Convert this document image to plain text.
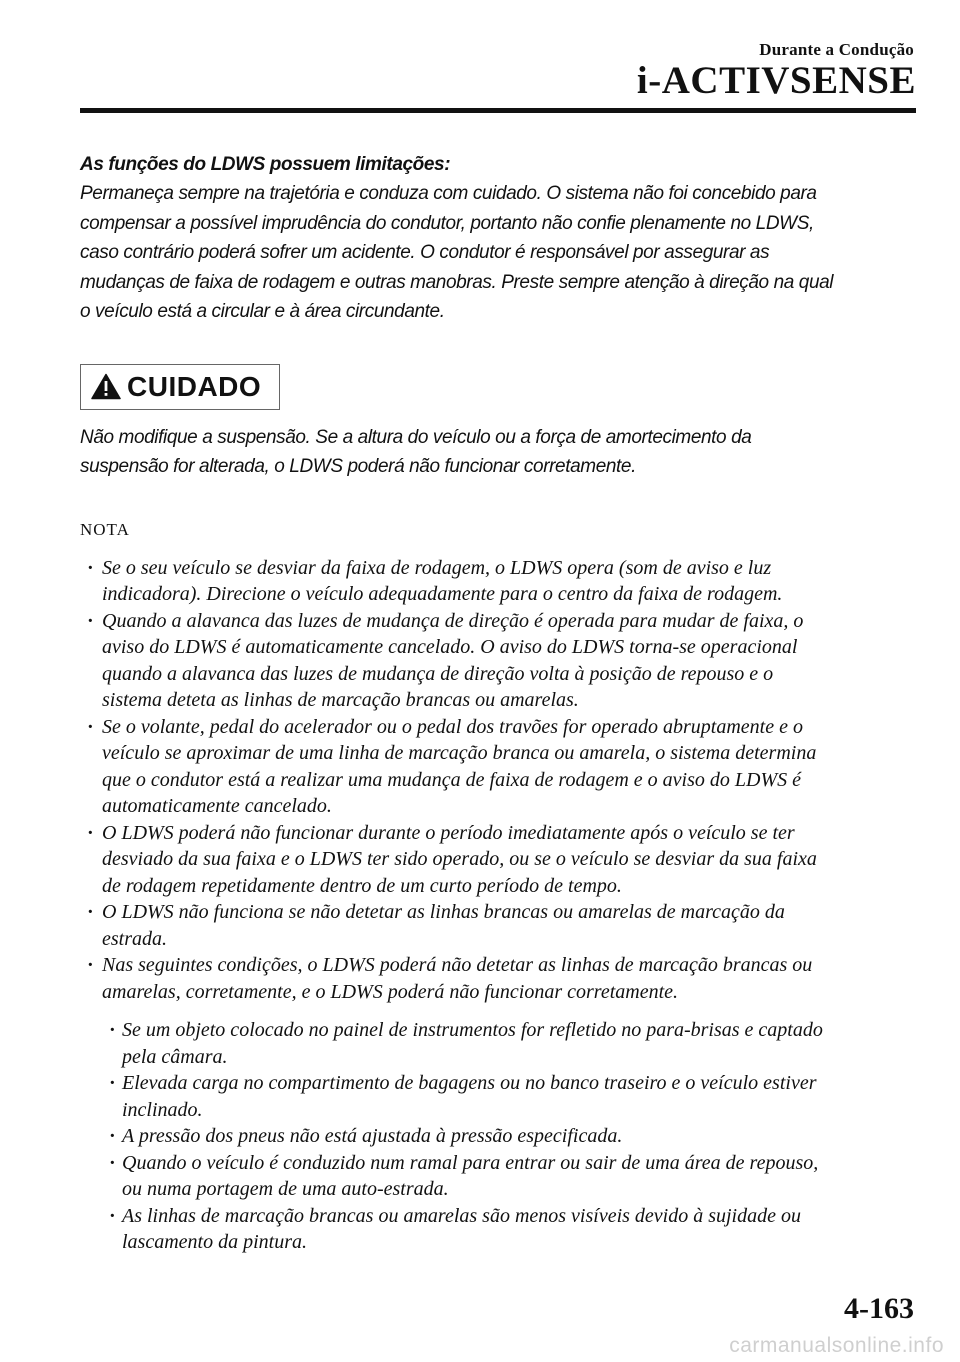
Durante a Condução
i-ACTIVSENSE
As funções do LDWS possuem limitações:
Permaneça sempre na trajetória e conduza com cuidado. O sistema não foi concebido para
compensar a possível imprudência do condutor, portanto não confie plenamente no LDWS,
caso contrário poderá sofrer um acidente. O condutor é responsável por assegurar as
mudanças de faixa de rodagem e outras manobras. Preste sempre atenção à direção na qual
o veículo está a circular e à área circundante.
CUIDADO
Não modifique a suspensão. Se a altura do veículo ou a força de amortecimento da
suspensão for alterada, o LDWS poderá não funcionar corretamente.
NOTA
· Se o seu veículo se desviar da faixa de rodagem, o LDWS opera (som de aviso e luz
indicadora). Direcione o veículo adequadamente para o centro da faixa de rodagem.
· Quando a alavanca das luzes de mudança de direção é operada para mudar de faixa, o
aviso do LDWS é automaticamente cancelado. O aviso do LDWS torna-se operacional
quando a alavanca das luzes de mudança de direção volta à posição de repouso e o
sistema deteta as linhas de marcação brancas ou amarelas.
· Se o volante, pedal do acelerador ou o pedal dos travões for operado abruptamente e o
veículo se aproximar de uma linha de marcação branca ou amarela, o sistema determina
que o condutor está a realizar uma mudança de faixa de rodagem e o aviso do LDWS é
automaticamente cancelado.
· O LDWS poderá não funcionar durante o período imediatamente após o veículo se ter
desviado da sua faixa e o LDWS ter sido operado, ou se o veículo se desviar da sua faixa
de rodagem repetidamente dentro de um curto período de tempo.
· O LDWS não funciona se não detetar as linhas brancas ou amarelas de marcação da
estrada.
· Nas seguintes condições, o LDWS poderá não detetar as linhas de marcação brancas ou
amarelas, corretamente, e o LDWS poderá não funcionar corretamente.
· Se um objeto colocado no painel de instrumentos for refletido no para-brisas e captado
pela câmara.
· Elevada carga no compartimento de bagagens ou no banco traseiro e o veículo estiver
inclinado.
· A pressão dos pneus não está ajustada à pressão especificada.
· Quando o veículo é conduzido num ramal para entrar ou sair de uma área de repouso,
ou numa portagem de uma auto-estrada.
· As linhas de marcação brancas ou amarelas são menos visíveis devido à sujidade ou
lascamento da pintura.
4-163
carmanualsonline.info
